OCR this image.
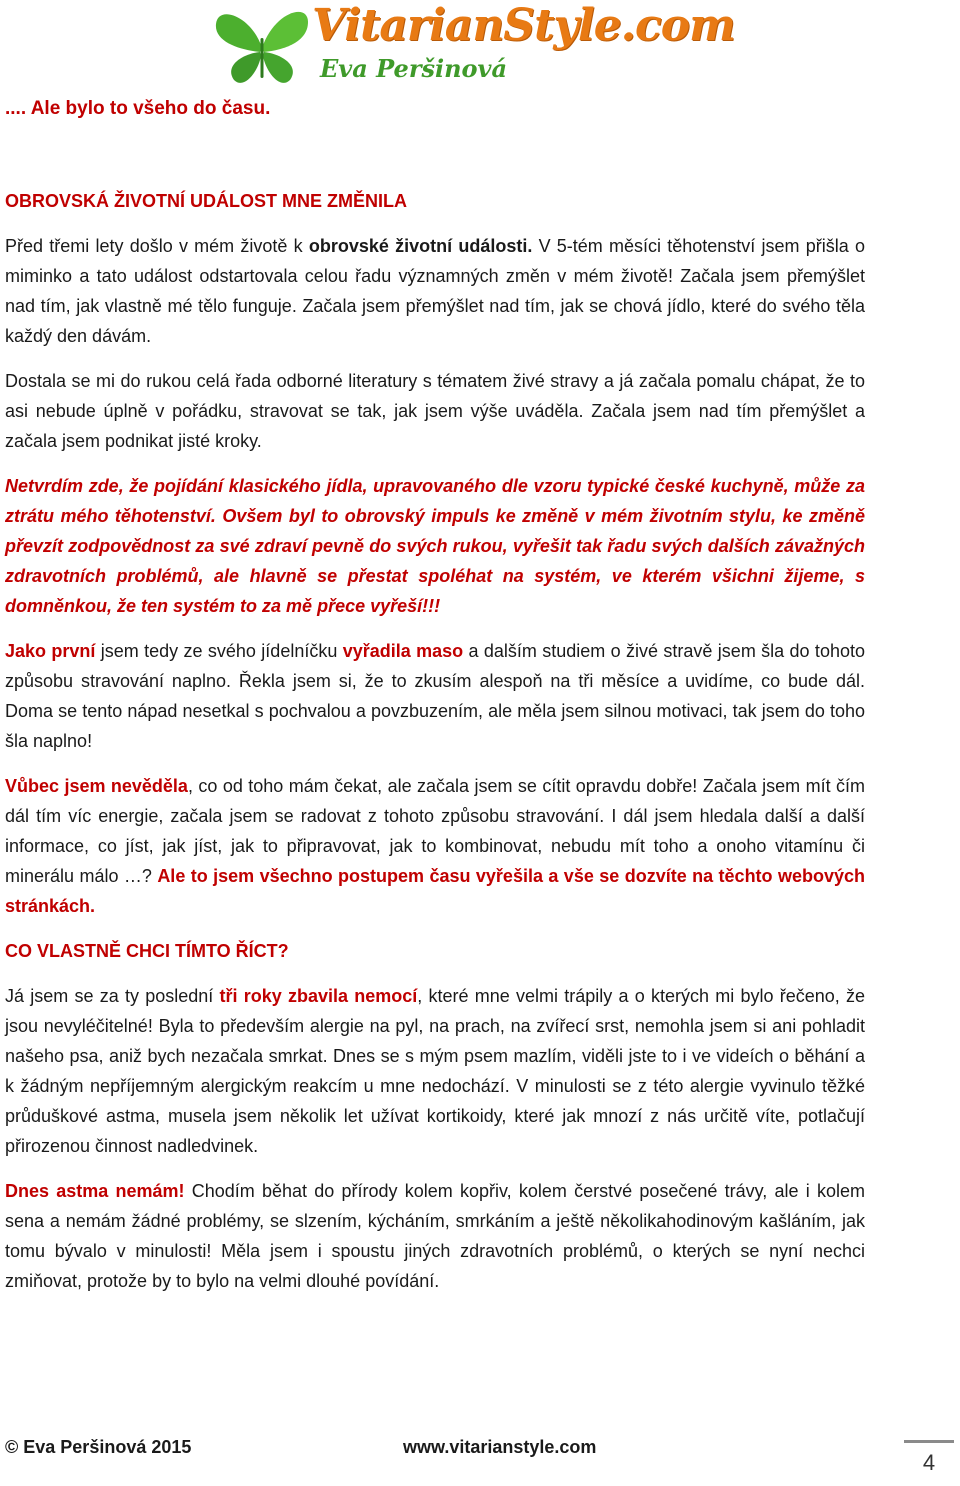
VitarianStyle.com
Eva Peršinová
.... Ale bylo to všeho do času.

OBROVSKÁ ŽIVOTNÍ UDÁLOST MNE ZMĚNILA

Před třemi lety došlo v mém životě k obrovské životní události. V 5-tém měsíci těhotenství jsem přišla o miminko a tato událost odstartovala celou řadu významných změn v mém životě! Začala jsem přemýšlet nad tím, jak vlastně mé tělo funguje. Začala jsem přemýšlet nad tím, jak se chová jídlo, které do svého těla každý den dávám.

Dostala se mi do rukou celá řada odborné literatury s tématem živé stravy a já začala pomalu chápat, že to asi nebude úplně v pořádku, stravovat se tak, jak jsem výše uváděla. Začala jsem nad tím přemýšlet a začala jsem podnikat jisté kroky.

Netvrdím zde, že pojídání klasického jídla, upravovaného dle vzoru typické české kuchyně, může za ztrátu mého těhotenství. Ovšem byl to obrovský impuls ke změně v mém životním stylu, ke změně převzít zodpovědnost za své zdraví pevně do svých rukou, vyřešit tak řadu svých dalších závažných zdravotních problémů, ale hlavně se přestat spoléhat na systém, ve kterém všichni žijeme, s domněnkou, že ten systém to za mě přece vyřeší!!!

Jako první jsem tedy ze svého jídelníčku vyřadila maso a dalším studiem o živé stravě jsem šla do tohoto způsobu stravování naplno. Řekla jsem si, že to zkusím alespoň na tři měsíce a uvidíme, co bude dál. Doma se tento nápad nesetkal s pochvalou a povzbuzením, ale měla jsem silnou motivaci, tak jsem do toho šla naplno!

Vůbec jsem nevěděla, co od toho mám čekat, ale začala jsem se cítit opravdu dobře! Začala jsem mít čím dál tím víc energie, začala jsem se radovat z tohoto způsobu stravování. I dál jsem hledala další a další informace, co jíst, jak jíst, jak to připravovat, jak to kombinovat, nebudu mít toho a onoho vitamínu či minerálu málo …? Ale to jsem všechno postupem času vyřešila a vše se dozvíte na těchto webových stránkách.

CO VLASTNĚ CHCI TÍMTO ŘÍCT?

Já jsem se za ty poslední tři roky zbavila nemocí, které mne velmi trápily a o kterých mi bylo řečeno, že jsou nevyléčitelné! Byla to především alergie na pyl, na prach, na zvířecí srst, nemohla jsem si ani pohladit našeho psa, aniž bych nezačala smrkat. Dnes se s mým psem mazlím, viděli jste to i ve videích o běhání a k žádným nepříjemným alergickým reakcím u mne nedochází. V minulosti se z této alergie vyvinulo těžké průduškové astma, musela jsem několik let užívat kortikoidy, které jak mnozí z nás určitě víte, potlačují přirozenou činnost nadledvinek.

Dnes astma nemám! Chodím běhat do přírody kolem kopřiv, kolem čerstvé posečené trávy, ale i kolem sena a nemám žádné problémy, se slzením, kýcháním, smrkáním a ještě několikahodinovým kašláním, jak tomu bývalo v minulosti! Měla jsem i spoustu jiných zdravotních problémů, o kterých se nyní nechci zmiňovat, protože by to bylo na velmi dlouhé povídání.

© Eva Peršinová 2015	www.vitarianstyle.com
4
